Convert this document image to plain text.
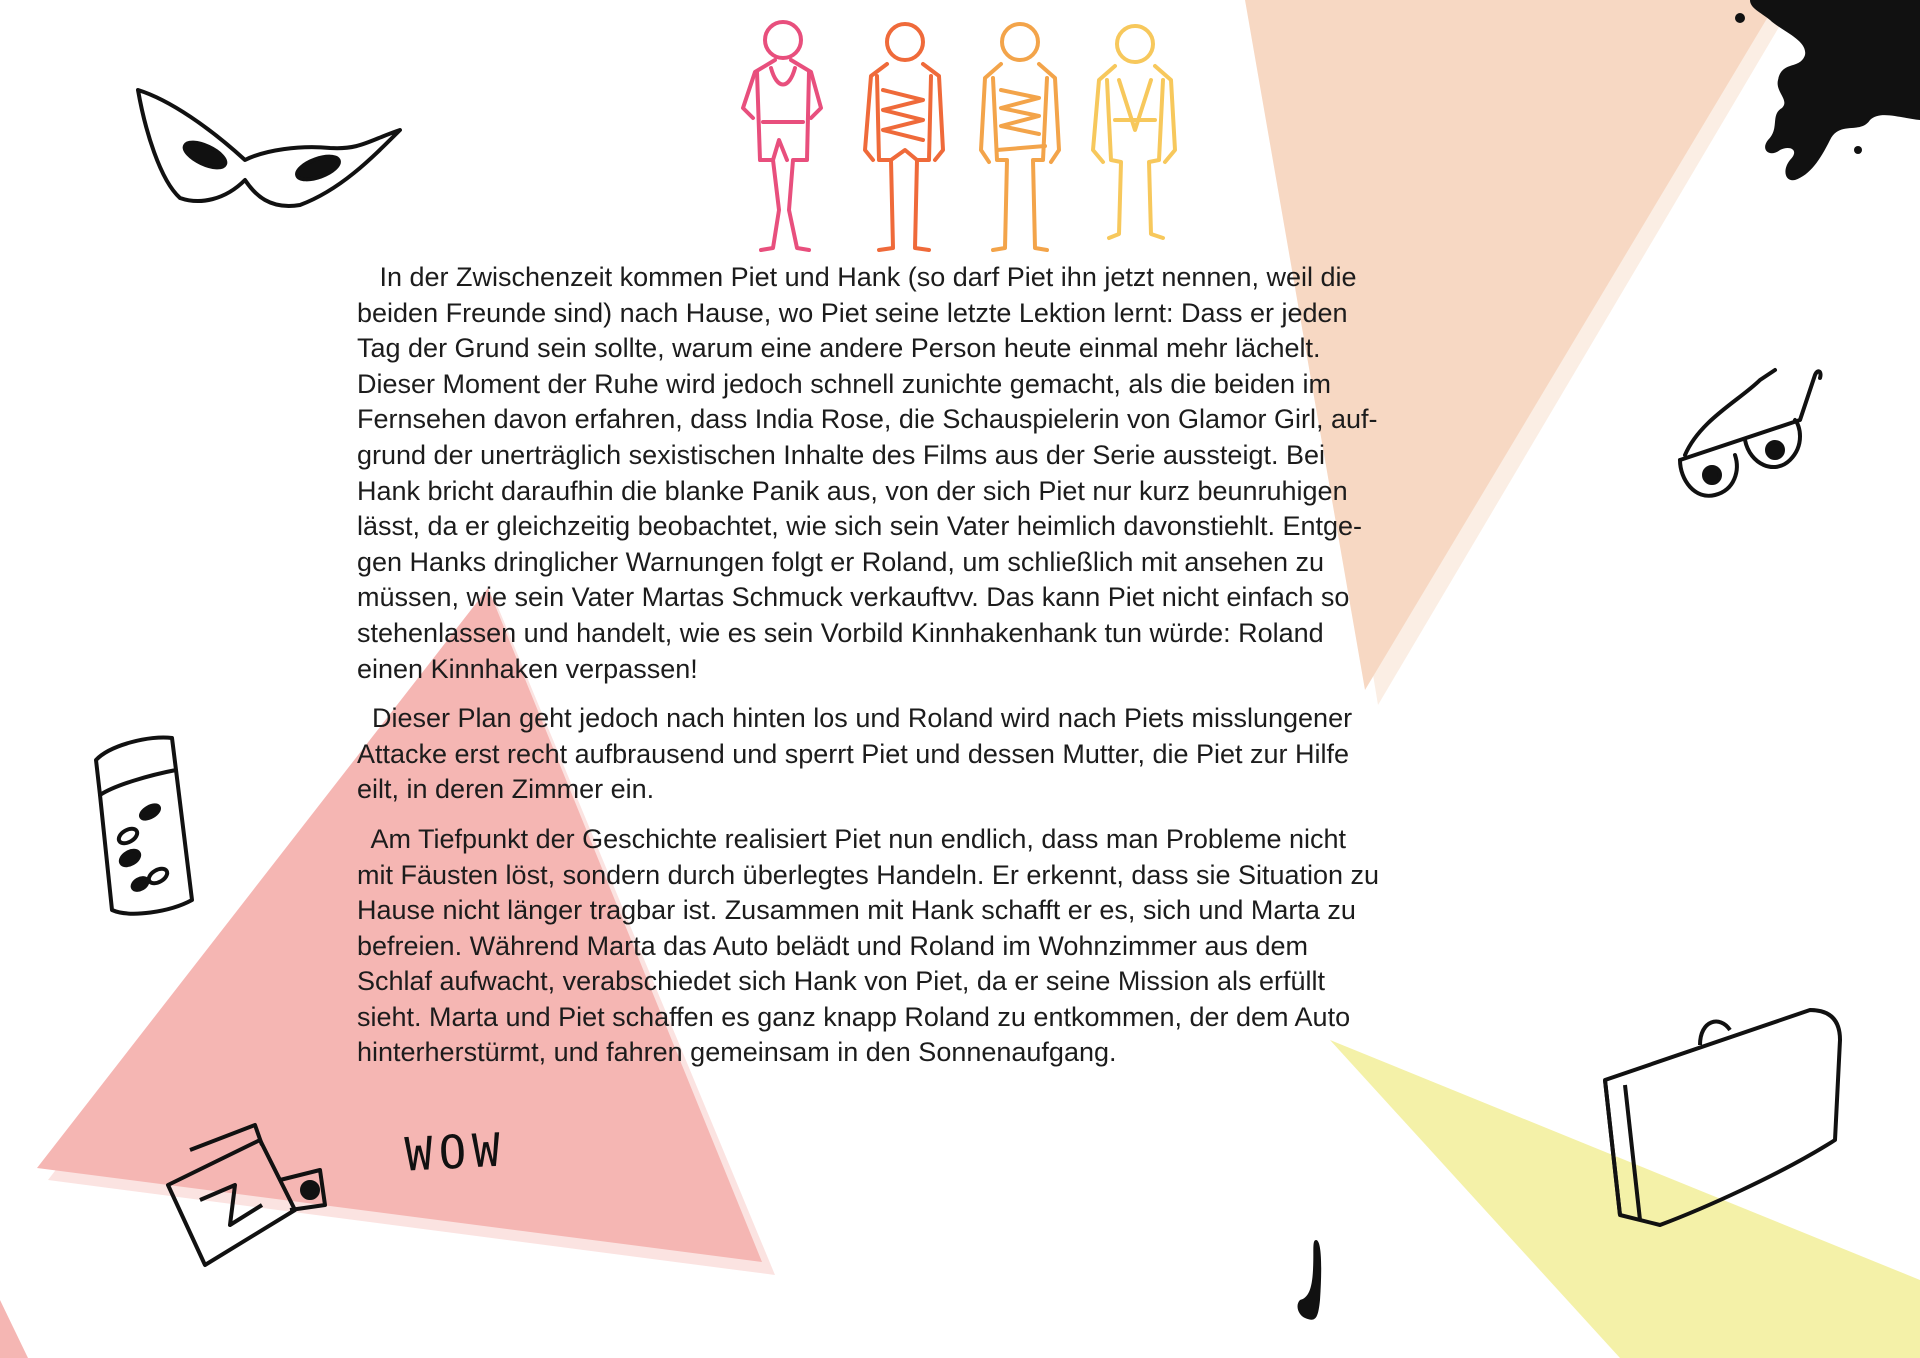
WOW
In der Zwischenzeit kommen Piet und Hank (so darf Piet ihn jetzt nennen, weil die
beiden Freunde sind) nach Hause, wo Piet seine letzte Lektion lernt: Dass er jeden
Tag der Grund sein sollte, warum eine andere Person heute einmal mehr lächelt.
Dieser Moment der Ruhe wird jedoch schnell zunichte gemacht, als die beiden im
Fernsehen davon erfahren, dass India Rose, die Schauspielerin von Glamor Girl, auf-
grund der unerträglich sexistischen Inhalte des Films aus der Serie aussteigt. Bei
Hank bricht daraufhin die blanke Panik aus, von der sich Piet nur kurz beunruhigen
lässt, da er gleichzeitig beobachtet, wie sich sein Vater heimlich davonstiehlt. Entge-
gen Hanks dringlicher Warnungen folgt er Roland, um schließlich mit ansehen zu
müssen, wie sein Vater Martas Schmuck verkauftvv. Das kann Piet nicht einfach so
stehenlassen und handelt, wie es sein Vorbild Kinnhakenhank tun würde: Roland
einen Kinnhaken verpassen!
Dieser Plan geht jedoch nach hinten los und Roland wird nach Piets misslungener
Attacke erst recht aufbrausend und sperrt Piet und dessen Mutter, die Piet zur Hilfe
eilt, in deren Zimmer ein.
Am Tiefpunkt der Geschichte realisiert Piet nun endlich, dass man Probleme nicht
mit Fäusten löst, sondern durch überlegtes Handeln. Er erkennt, dass sie Situation zu
Hause nicht länger tragbar ist. Zusammen mit Hank schafft er es, sich und Marta zu
befreien. Während Marta das Auto belädt und Roland im Wohnzimmer aus dem
Schlaf aufwacht, verabschiedet sich Hank von Piet, da er seine Mission als erfüllt
sieht. Marta und Piet schaffen es ganz knapp Roland zu entkommen, der dem Auto
hinterherstürmt, und fahren gemeinsam in den Sonnenaufgang.
